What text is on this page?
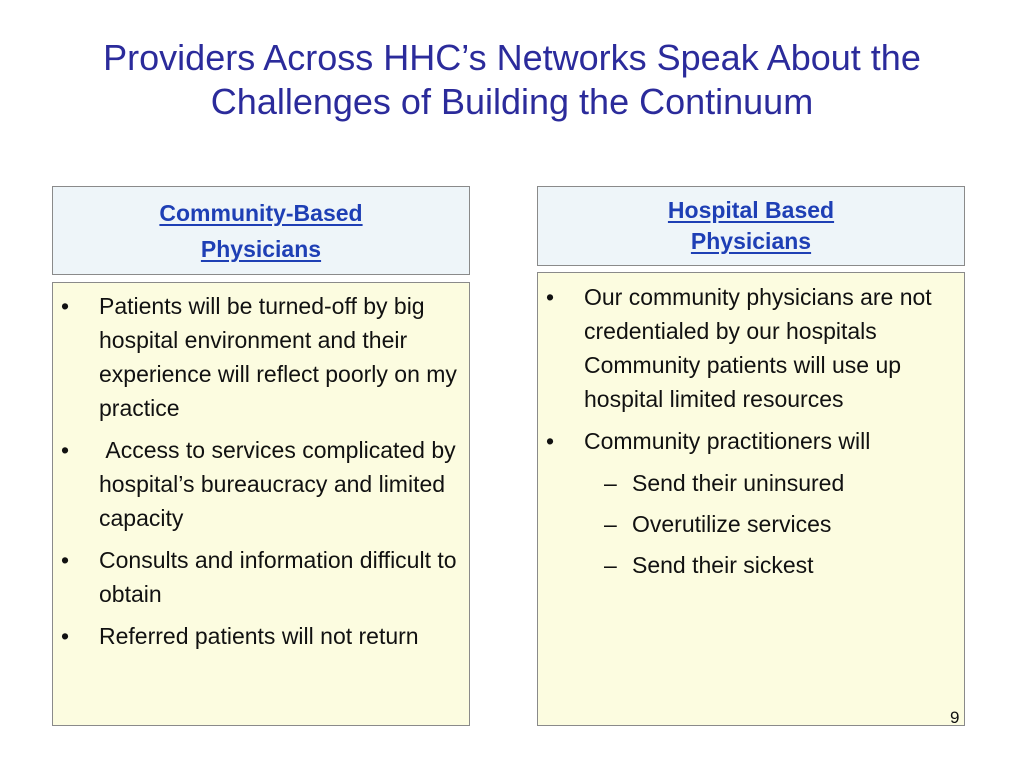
Providers Across HHC’s Networks Speak About the Challenges of Building the Continuum
Community-Based
Physicians
• Patients will be turned-off by big hospital environment and their experience will reflect poorly on my practice
•  Access to services complicated by hospital’s bureaucracy and limited capacity
• Consults and information difficult to obtain
• Referred patients will not return
Hospital Based
Physicians
• Our community physicians are not  credentialed by our hospitals Community patients will use up hospital limited resources
• Community practitioners will
– Send their uninsured
– Overutilize services
– Send their sickest
9
